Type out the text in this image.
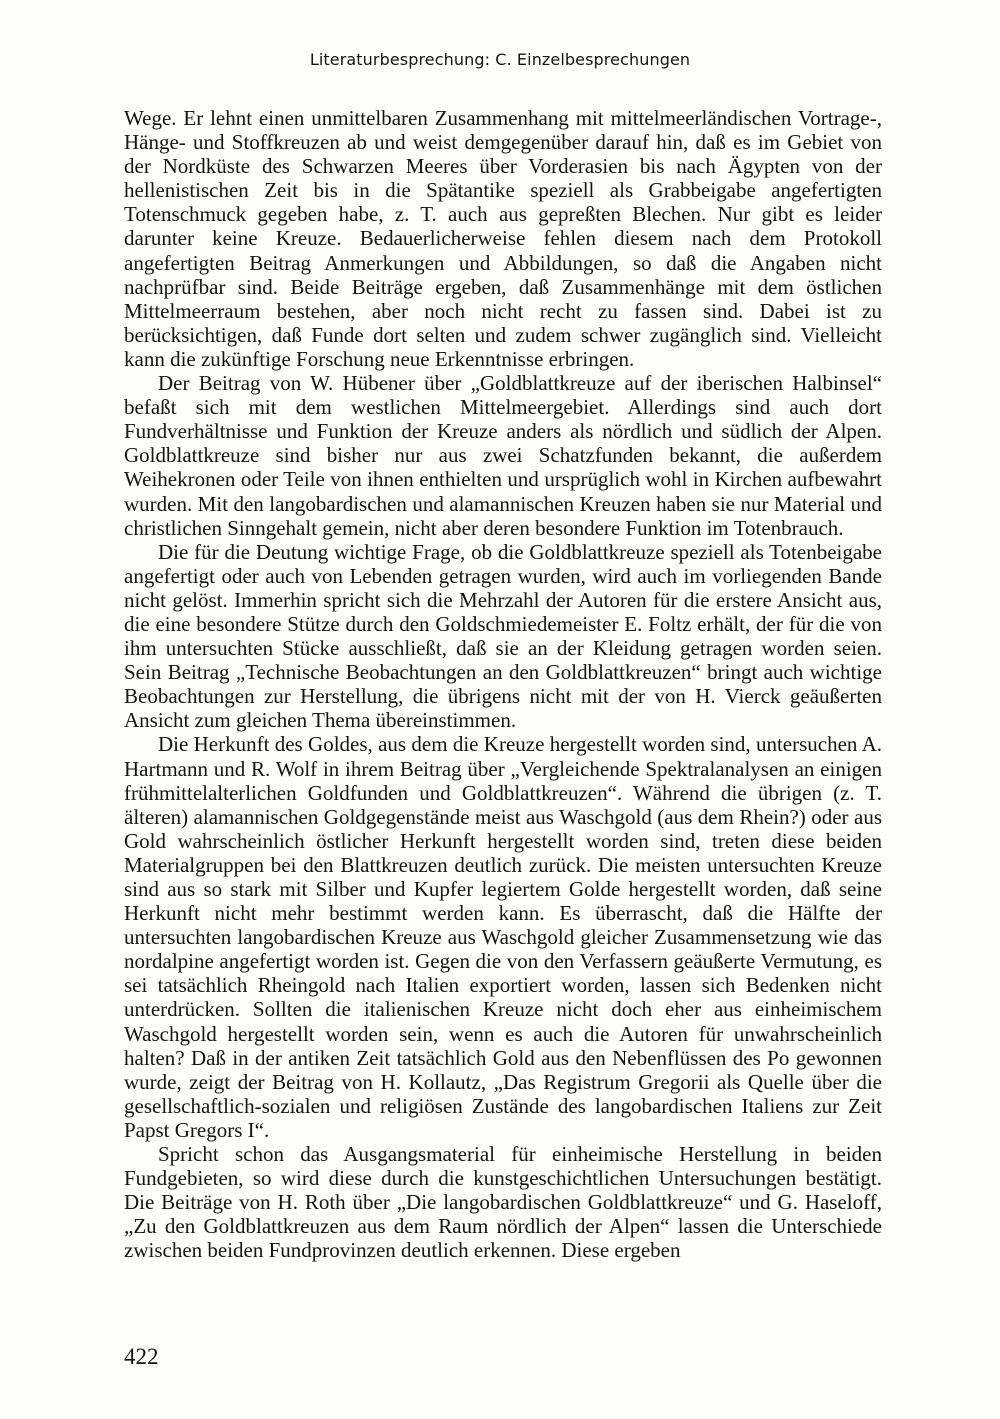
Literaturbesprechung: C. Einzelbesprechungen

Wege. Er lehnt einen unmittelbaren Zusammenhang mit mittelmeerländischen Vortrage-, Hänge- und Stoffkreuzen ab und weist demgegenüber darauf hin, daß es im Gebiet von der Nordküste des Schwarzen Meeres über Vorderasien bis nach Ägypten von der hellenistischen Zeit bis in die Spätantike speziell als Grabbeigabe angefertigten Totenschmuck gegeben habe, z. T. auch aus gepreßten Blechen. Nur gibt es leider darunter keine Kreuze. Bedauerlicherweise fehlen diesem nach dem Protokoll angefertigten Beitrag Anmerkungen und Abbildungen, so daß die Angaben nicht nachprüfbar sind. Beide Beiträge ergeben, daß Zusammenhänge mit dem östlichen Mittelmeerraum bestehen, aber noch nicht recht zu fassen sind. Dabei ist zu berücksichtigen, daß Funde dort selten und zudem schwer zugänglich sind. Vielleicht kann die zukünftige Forschung neue Erkenntnisse erbringen.

Der Beitrag von W. Hübener über „Goldblattkreuze auf der iberischen Halbinsel“ befaßt sich mit dem westlichen Mittelmeergebiet. Allerdings sind auch dort Fundverhältnisse und Funktion der Kreuze anders als nördlich und südlich der Alpen. Goldblattkreuze sind bisher nur aus zwei Schatzfunden bekannt, die außerdem Weihekronen oder Teile von ihnen enthielten und ursprüglich wohl in Kirchen aufbewahrt wurden. Mit den langobardischen und alamannischen Kreuzen haben sie nur Material und christlichen Sinngehalt gemein, nicht aber deren besondere Funktion im Totenbrauch.

Die für die Deutung wichtige Frage, ob die Goldblattkreuze speziell als Totenbeigabe angefertigt oder auch von Lebenden getragen wurden, wird auch im vorliegenden Bande nicht gelöst. Immerhin spricht sich die Mehrzahl der Autoren für die erstere Ansicht aus, die eine besondere Stütze durch den Goldschmiedemeister E. Foltz erhält, der für die von ihm untersuchten Stücke ausschließt, daß sie an der Kleidung getragen worden seien. Sein Beitrag „Technische Beobachtungen an den Goldblattkreuzen“ bringt auch wichtige Beobachtungen zur Herstellung, die übrigens nicht mit der von H. Vierck geäußerten Ansicht zum gleichen Thema übereinstimmen.

Die Herkunft des Goldes, aus dem die Kreuze hergestellt worden sind, untersuchen A. Hartmann und R. Wolf in ihrem Beitrag über „Vergleichende Spektralanalysen an einigen frühmittelalterlichen Goldfunden und Goldblattkreuzen“. Während die übrigen (z. T. älteren) alamannischen Goldgegenstände meist aus Waschgold (aus dem Rhein?) oder aus Gold wahrscheinlich östlicher Herkunft hergestellt worden sind, treten diese beiden Materialgruppen bei den Blattkreuzen deutlich zurück. Die meisten untersuchten Kreuze sind aus so stark mit Silber und Kupfer legiertem Golde hergestellt worden, daß seine Herkunft nicht mehr bestimmt werden kann. Es überrascht, daß die Hälfte der untersuchten langobardischen Kreuze aus Waschgold gleicher Zusammensetzung wie das nordalpine angefertigt worden ist. Gegen die von den Verfassern geäußerte Vermutung, es sei tatsächlich Rheingold nach Italien exportiert worden, lassen sich Bedenken nicht unterdrücken. Sollten die italienischen Kreuze nicht doch eher aus einheimischem Waschgold hergestellt worden sein, wenn es auch die Autoren für unwahrscheinlich halten? Daß in der antiken Zeit tatsächlich Gold aus den Nebenflüssen des Po gewonnen wurde, zeigt der Beitrag von H. Kollautz, „Das Registrum Gregorii als Quelle über die gesellschaftlich-sozialen und religiösen Zustände des langobardischen Italiens zur Zeit Papst Gregors I“.

Spricht schon das Ausgangsmaterial für einheimische Herstellung in beiden Fundgebieten, so wird diese durch die kunstgeschichtlichen Untersuchungen bestätigt. Die Beiträge von H. Roth über „Die langobardischen Goldblattkreuze“ und G. Haseloff, „Zu den Goldblattkreuzen aus dem Raum nördlich der Alpen“ lassen die Unterschiede zwischen beiden Fundprovinzen deutlich erkennen. Diese ergeben

422
